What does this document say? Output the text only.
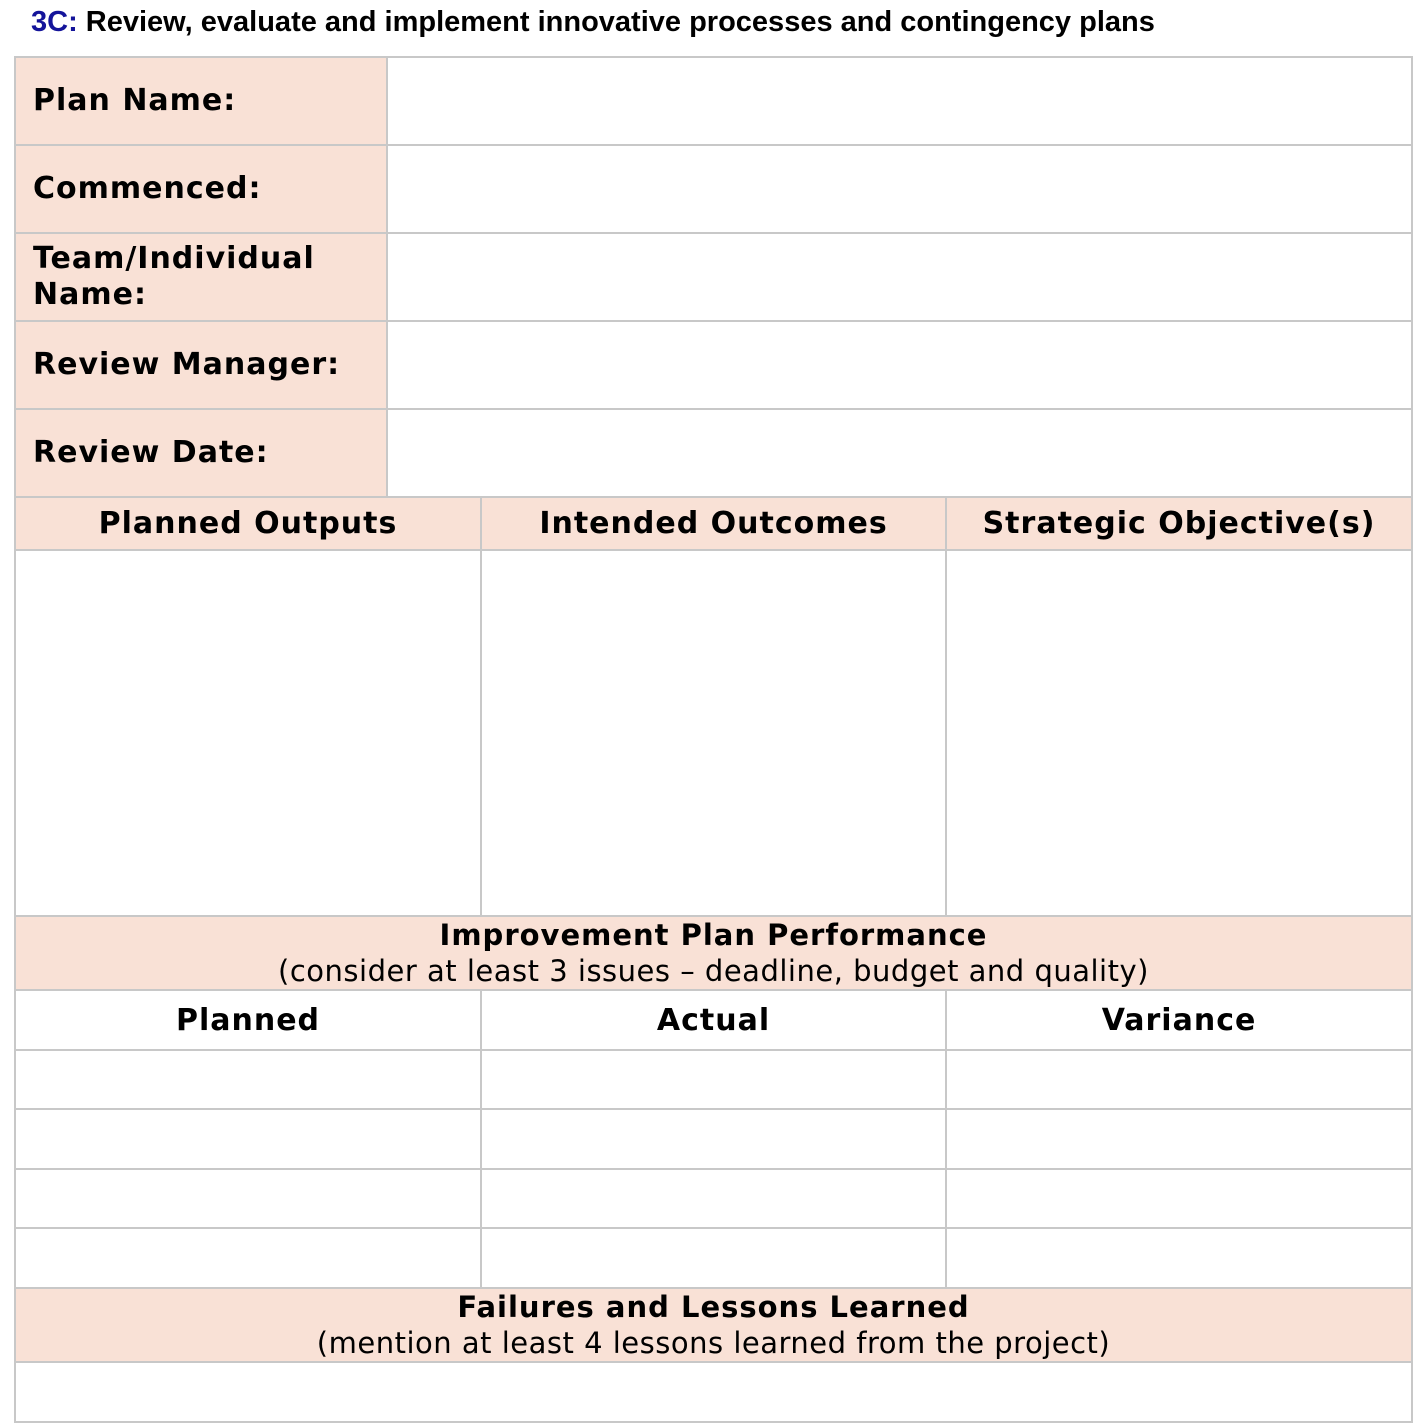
3C: Review, evaluate and implement innovative processes and contingency plans
Plan Name:			
Commenced:			
Team/Individual Name:			
Review Manager:			
Review Date:			
Planned Outputs		Intended Outcomes	Strategic Objective(s)

Improvement Plan Performance
(consider at least 3 issues – deadline, budget and quality)			

Planned		Actual	Variance

Failures and Lessons Learned
(mention at least 4 lessons learned from the project)			
